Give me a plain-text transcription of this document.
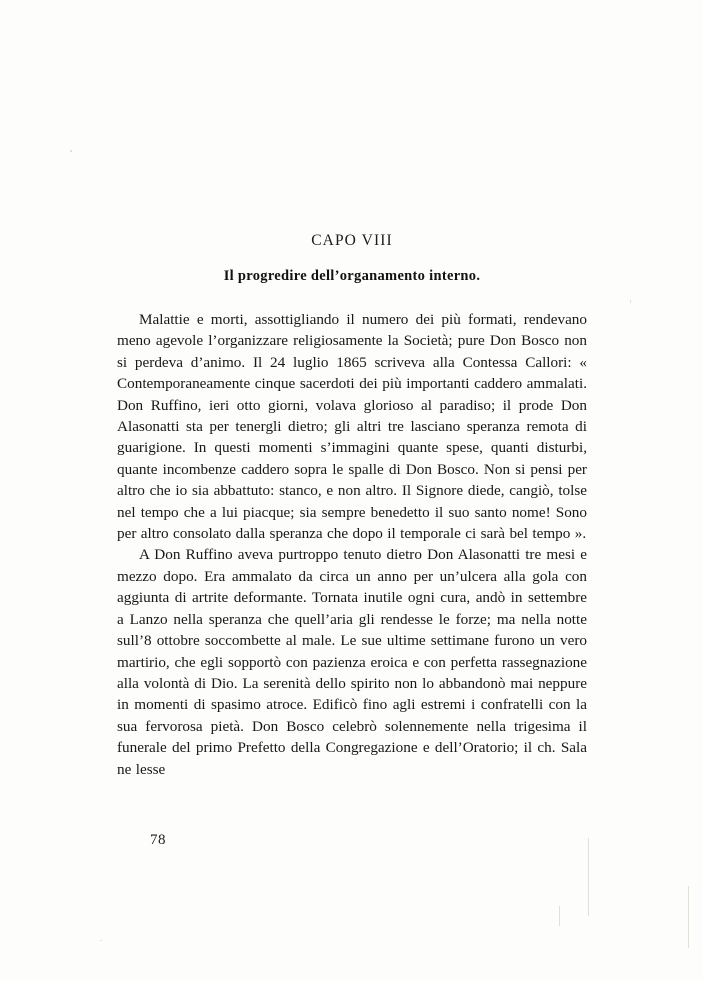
CAPO VIII
Il progredire dell’organamento interno.

Malattie e morti, assottigliando il numero dei più formati, rendevano meno agevole l’organizzare religiosamente la Società; pure Don Bosco non si perdeva d’animo. Il 24 luglio 1865 scriveva alla Contessa Callori: « Contemporaneamente cinque sacerdoti dei più importanti caddero ammalati. Don Ruffino, ieri otto giorni, volava glorioso al paradiso; il prode Don Alasonatti sta per tenergli dietro; gli altri tre lasciano speranza remota di guarigione. In questi momenti s’immagini quante spese, quanti disturbi, quante incombenze caddero sopra le spalle di Don Bosco. Non si pensi per altro che io sia abbattuto: stanco, e non altro. Il Signore diede, cangiò, tolse nel tempo che a lui piacque; sia sempre benedetto il suo santo nome! Sono per altro consolato dalla speranza che dopo il temporale ci sarà bel tempo ».

A Don Ruffino aveva purtroppo tenuto dietro Don Alasonatti tre mesi e mezzo dopo. Era ammalato da circa un anno per un’ulcera alla gola con aggiunta di artrite deformante. Tornata inutile ogni cura, andò in settembre a Lanzo nella speranza che quell’aria gli rendesse le forze; ma nella notte sull’8 ottobre soccombette al male. Le sue ultime settimane furono un vero martirio, che egli sopportò con pazienza eroica e con perfetta rassegnazione alla volontà di Dio. La serenità dello spirito non lo abbandonò mai neppure in momenti di spasimo atroce. Edificò fino agli estremi i confratelli con la sua fervorosa pietà. Don Bosco celebrò solennemente nella trigesima il funerale del primo Prefetto della Congregazione e dell’Oratorio; il ch. Sala ne lesse

78
